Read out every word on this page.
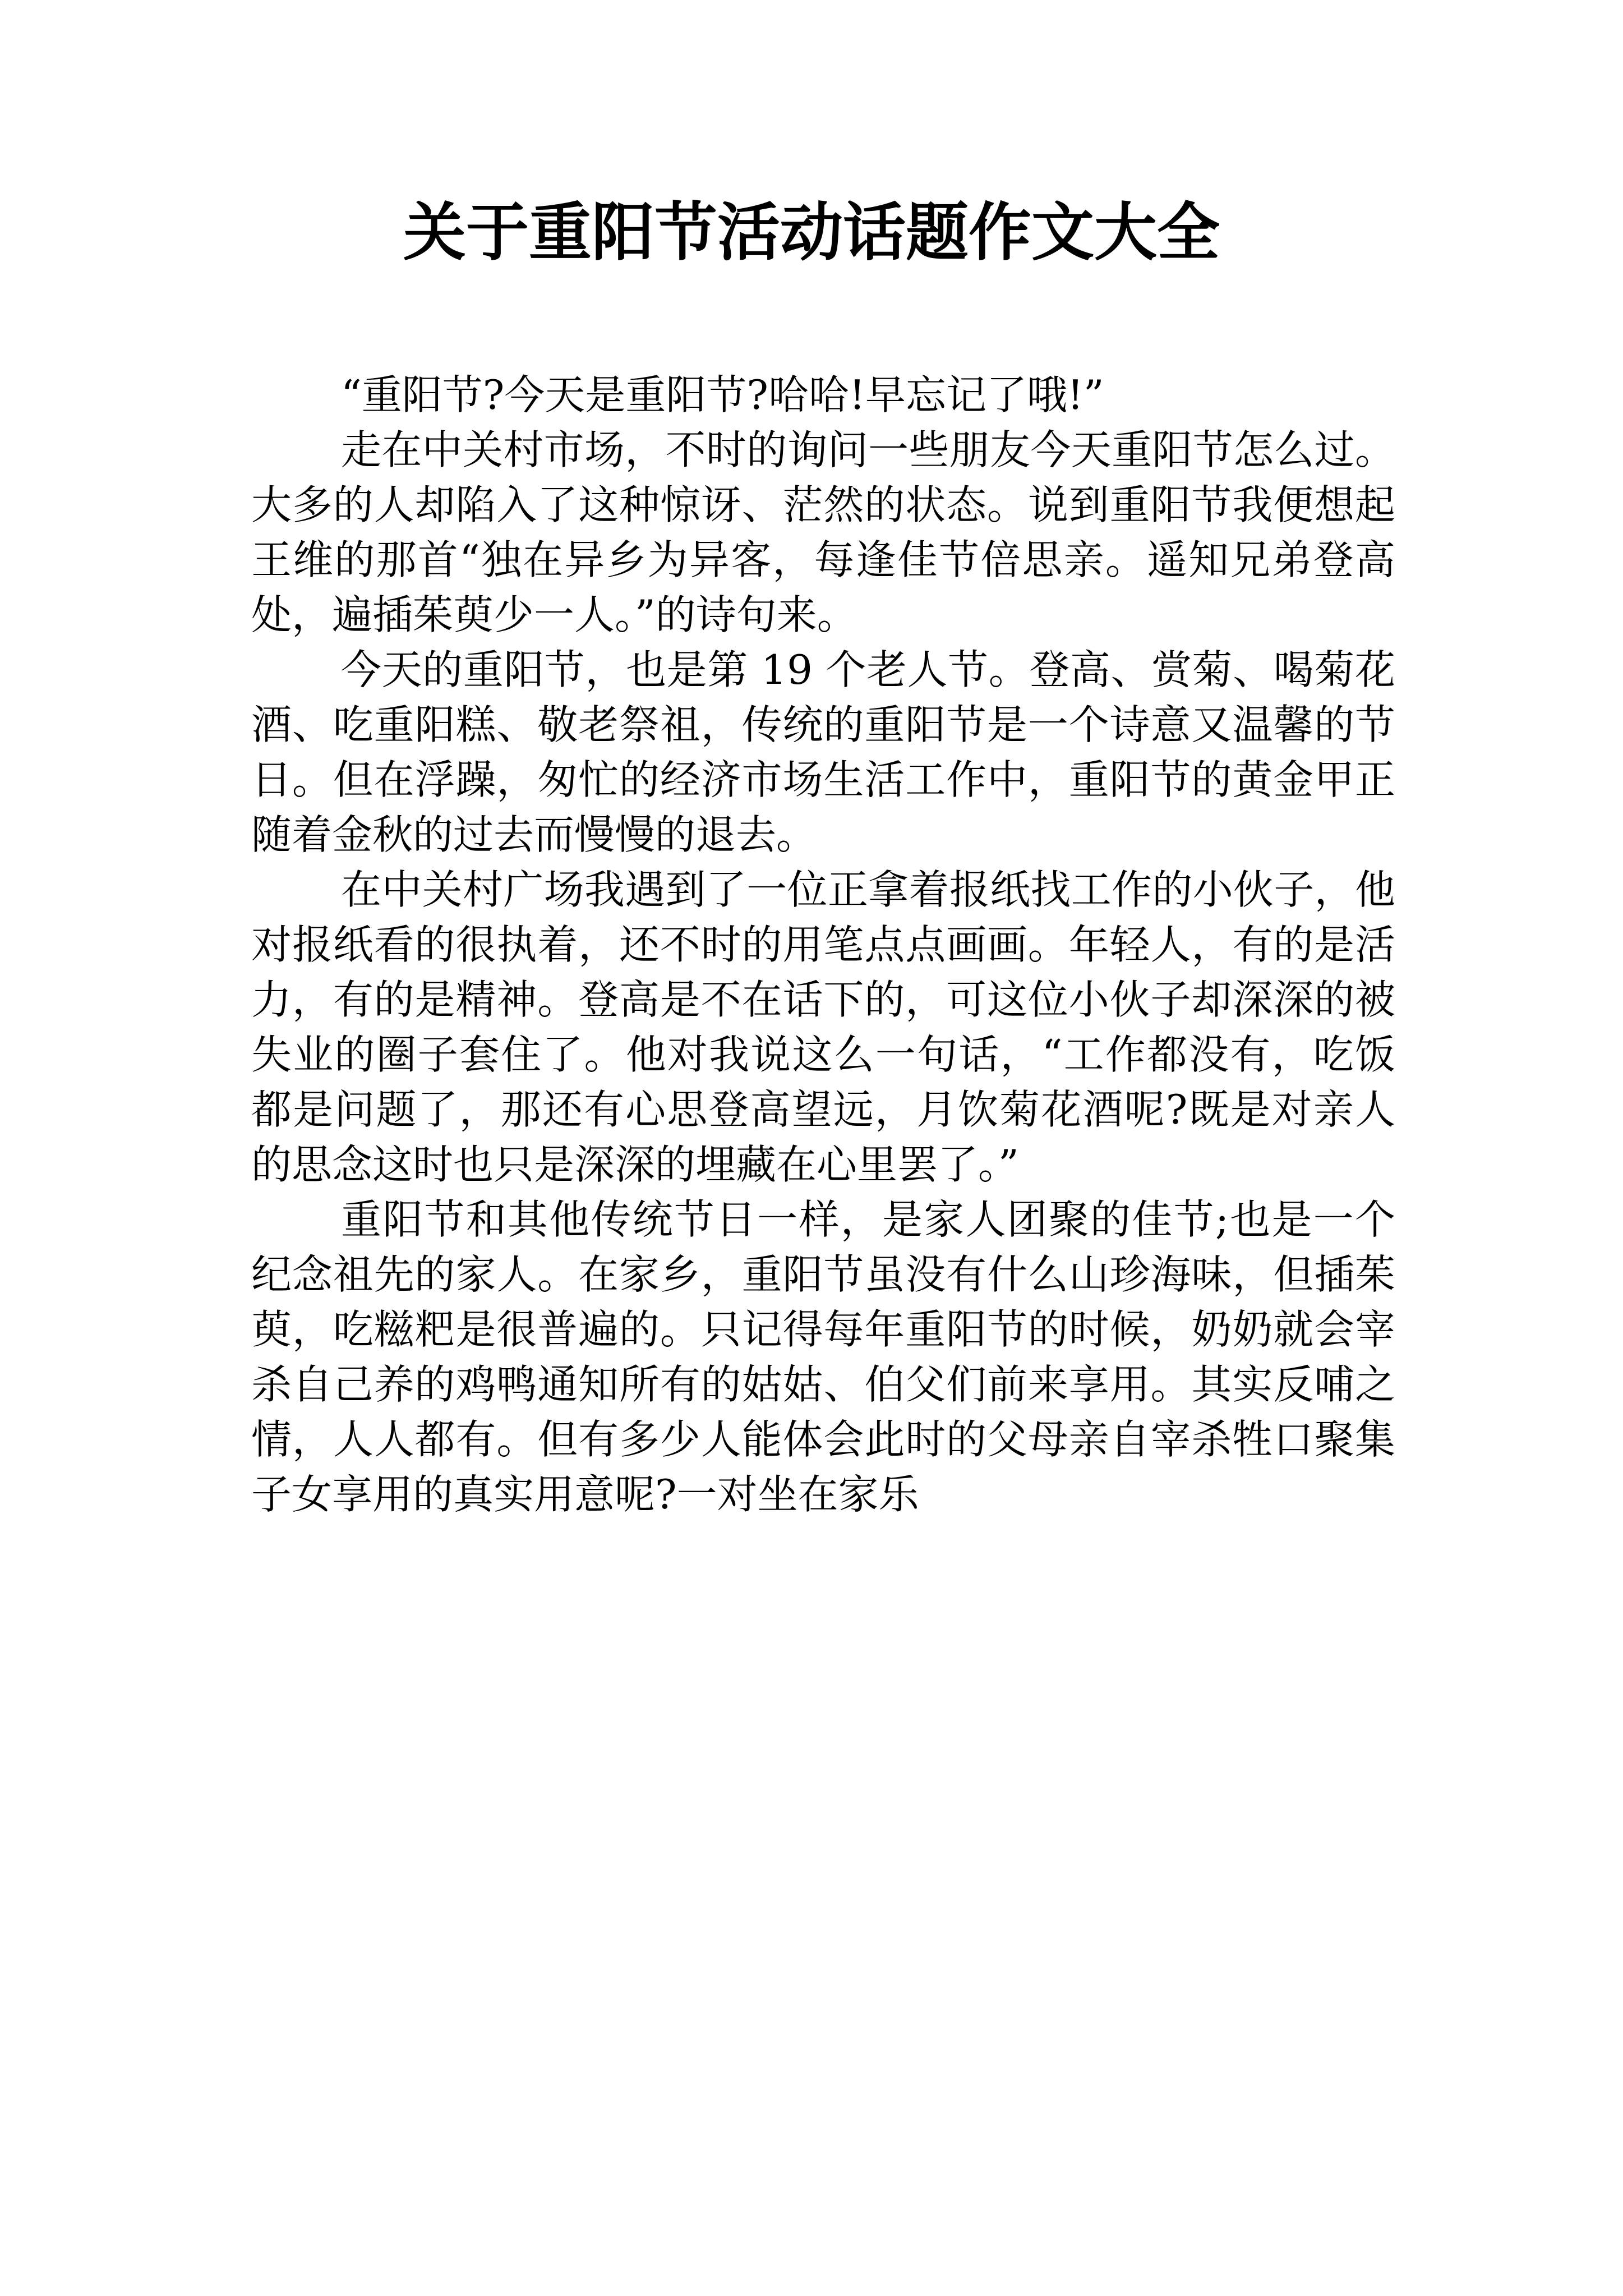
关于重阳节活动话题作文大全

“重阳节?今天是重阳节?哈哈!早忘记了哦!”

走在中关村市场，不时的询问一些朋友今天重阳节怎么过。大多的人却陷入了这种惊讶、茫然的状态。说到重阳节我便想起王维的那首“独在异乡为异客，每逢佳节倍思亲。遥知兄弟登高处，遍插茱萸少一人。”的诗句来。

今天的重阳节，也是第 19 个老人节。登高、赏菊、喝菊花酒、吃重阳糕、敬老祭祖，传统的重阳节是一个诗意又温馨的节日。但在浮躁，匆忙的经济市场生活工作中，重阳节的黄金甲正随着金秋的过去而慢慢的退去。

在中关村广场我遇到了一位正拿着报纸找工作的小伙子，他对报纸看的很执着，还不时的用笔点点画画。年轻人，有的是活力，有的是精神。登高是不在话下的，可这位小伙子却深深的被失业的圈子套住了。他对我说这么一句话，“工作都没有，吃饭都是问题了，那还有心思登高望远，月饮菊花酒呢?既是对亲人的思念这时也只是深深的埋藏在心里罢了。”

重阳节和其他传统节日一样，是家人团聚的佳节;也是一个纪念祖先的家人。在家乡，重阳节虽没有什么山珍海味，但插茱萸，吃糍粑是很普遍的。只记得每年重阳节的时候，奶奶就会宰杀自己养的鸡鸭通知所有的姑姑、伯父们前来享用。其实反哺之情，人人都有。但有多少人能体会此时的父母亲自宰杀牲口聚集子女享用的真实用意呢?一对坐在家乐
